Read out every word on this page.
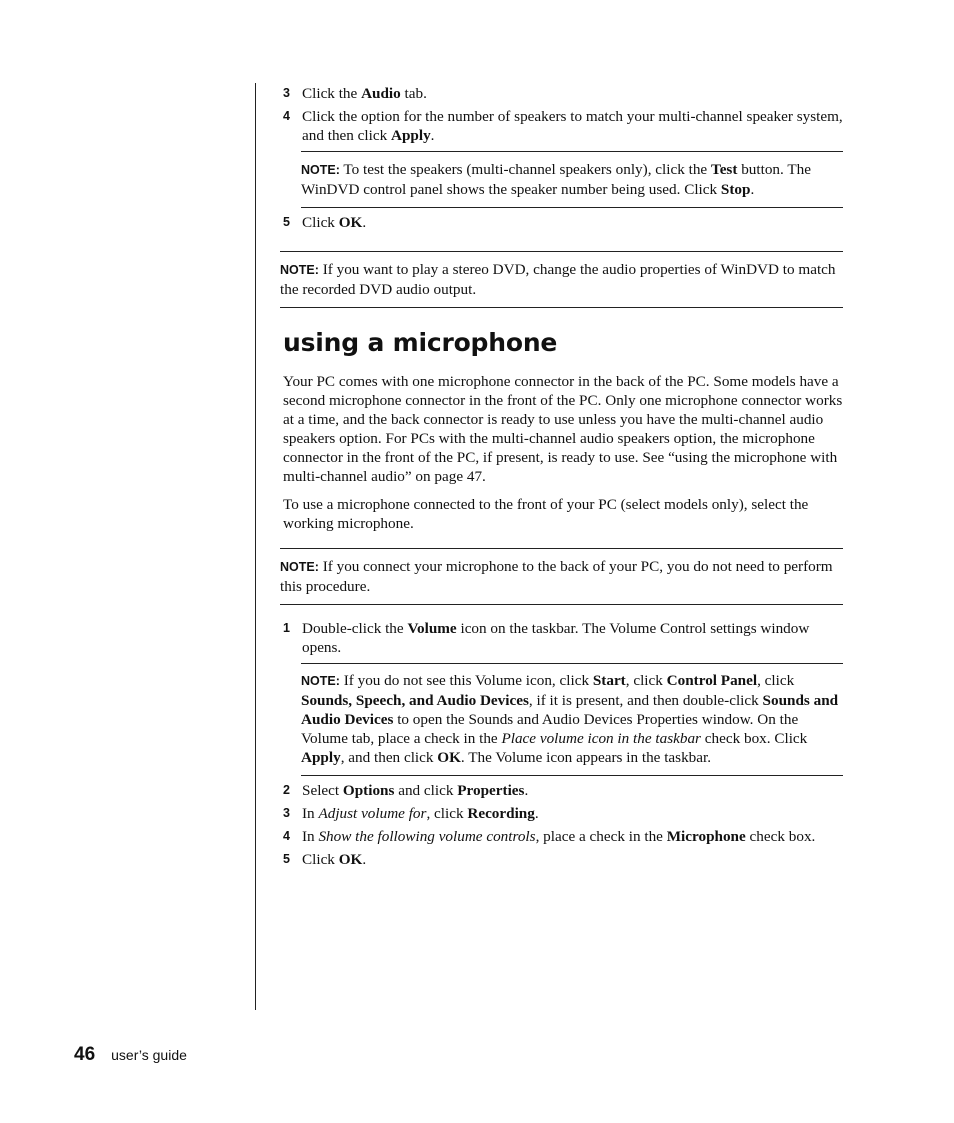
3 Click the Audio tab.
4 Click the option for the number of speakers to match your multi-channel speaker system, and then click Apply.

NOTE: To test the speakers (multi-channel speakers only), click the Test button. The WinDVD control panel shows the speaker number being used. Click Stop.

5 Click OK.

NOTE: If you want to play a stereo DVD, change the audio properties of WinDVD to match the recorded DVD audio output.

using a microphone

Your PC comes with one microphone connector in the back of the PC. Some models have a second microphone connector in the front of the PC. Only one microphone connector works at a time, and the back connector is ready to use unless you have the multi-channel audio speakers option. For PCs with the multi-channel audio speakers option, the microphone connector in the front of the PC, if present, is ready to use. See “using the microphone with multi-channel audio” on page 47.

To use a microphone connected to the front of your PC (select models only), select the working microphone.

NOTE: If you connect your microphone to the back of your PC, you do not need to perform this procedure.

1 Double-click the Volume icon on the taskbar. The Volume Control settings window opens.

NOTE: If you do not see this Volume icon, click Start, click Control Panel, click Sounds, Speech, and Audio Devices, if it is present, and then double-click Sounds and Audio Devices to open the Sounds and Audio Devices Properties window. On the Volume tab, place a check in the Place volume icon in the taskbar check box. Click Apply, and then click OK. The Volume icon appears in the taskbar.

2 Select Options and click Properties.
3 In Adjust volume for, click Recording.
4 In Show the following volume controls, place a check in the Microphone check box.
5 Click OK.
46 user’s guide
